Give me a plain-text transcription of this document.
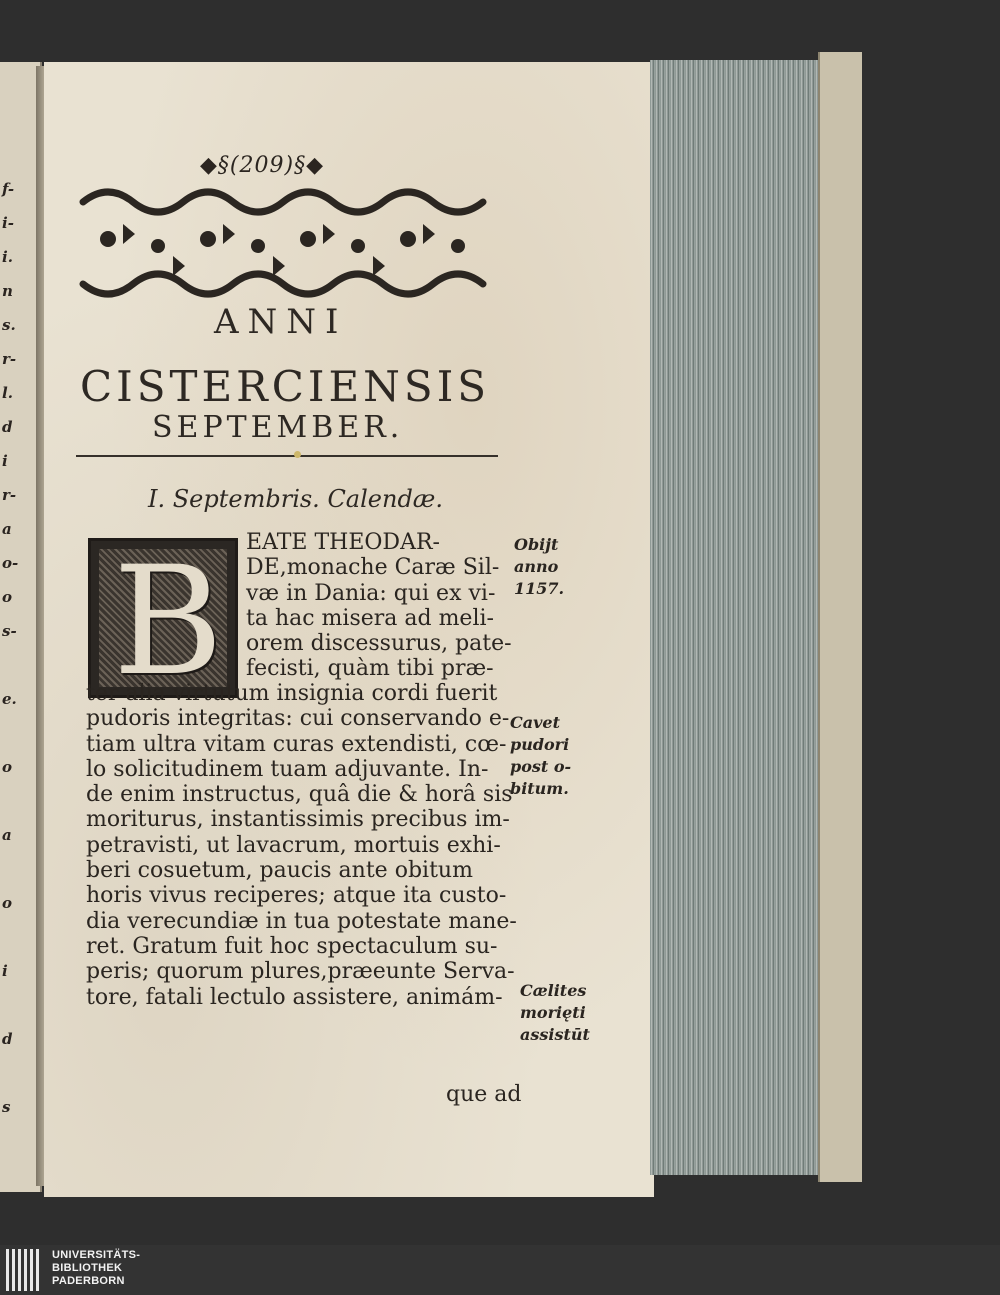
f-
i-
i.
n
s.
r-
l.
d
i
r-
a
o-
o
s-
e.
o
a
o
i
d
s
◆§(209)§◆
ANNI
CISTERCIENSIS
SEPTEMBER.
I. Septembris. Calendæ.
B EATE THEODAR-
DE,monache Caræ Sil-
væ in Dania: qui ex vi-
ta hac misera ad meli-
orem discessurus, pate-
fecisti, quàm tibi præ-
ter alia virtutum insignia cordi fuerit
pudoris integritas: cui conservando e-
tiam ultra vitam curas extendisti, cœ-
lo solicitudinem tuam adjuvante. In-
de enim instructus, quâ die & horâ sis
moriturus, instantissimis precibus im-
petravisti, ut lavacrum, mortuis exhi-
beri cosuetum, paucis ante obitum
horis vivus reciperes; atque ita custo-
dia verecundiæ in tua potestate mane-
ret. Gratum fuit hoc spectaculum su-
peris; quorum plures,præeunte Serva-
tore, fatali lectulo assistere, animám-
Obijt
anno
1157.
Cavet
pudori
post o-
bitum.
Cælites
morięti
assistūt
que ad
UNIVERSITÄTS-
BIBLIOTHEK
PADERBORN
